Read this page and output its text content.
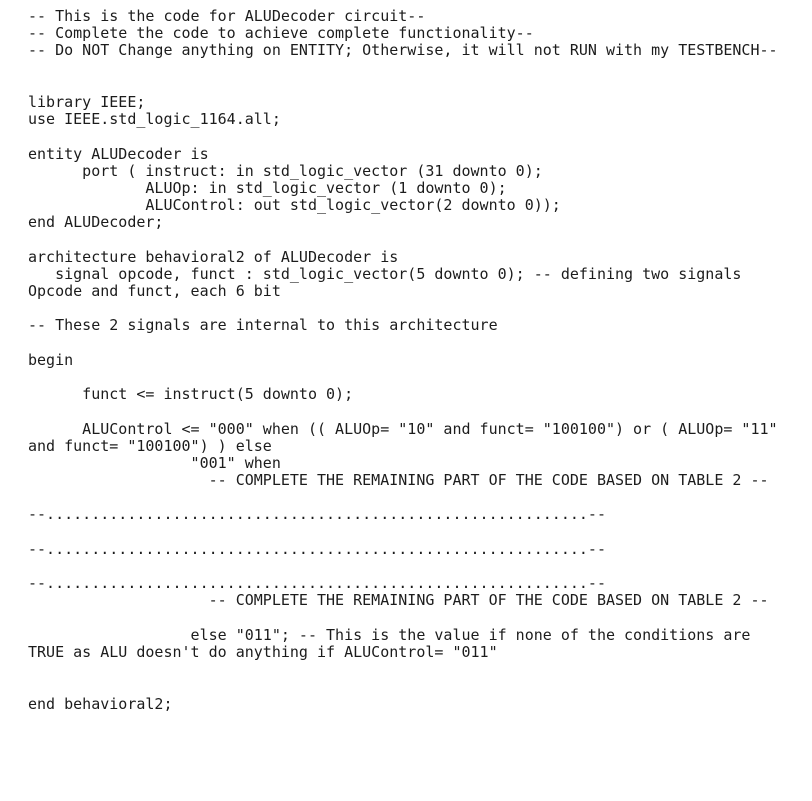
-- This is the code for ALUDecoder circuit--
-- Complete the code to achieve complete functionality--
-- Do NOT Change anything on ENTITY; Otherwise, it will not RUN with my TESTBENCH--
library IEEE;
use IEEE.std_logic_1164.all;
entity ALUDecoder is
port ( instruct: in std_logic_vector (31 downto 0);
ALUOp: in std_logic_vector (1 downto 0);
ALUControl: out std_logic_vector(2 downto 0));
end ALUDecoder;
architecture behavioral2 of ALUDecoder is
signal opcode, funct : std_logic_vector(5 downto 0); -- defining two signals
Opcode and funct, each 6 bit
-- These 2 signals are internal to this architecture
begin
funct <= instruct(5 downto 0);
ALUControl <= "000" when (( ALUOp= "10" and funct= "100100") or ( ALUOp= "11"
and funct= "100100") ) else
"001" when
-- COMPLETE THE REMAINING PART OF THE CODE BASED ON TABLE 2 --
--............................................................--
--............................................................--
--............................................................--
-- COMPLETE THE REMAINING PART OF THE CODE BASED ON TABLE 2 --
else "011"; -- This is the value if none of the conditions are
TRUE as ALU doesn't do anything if ALUControl= "011"
end behavioral2;
